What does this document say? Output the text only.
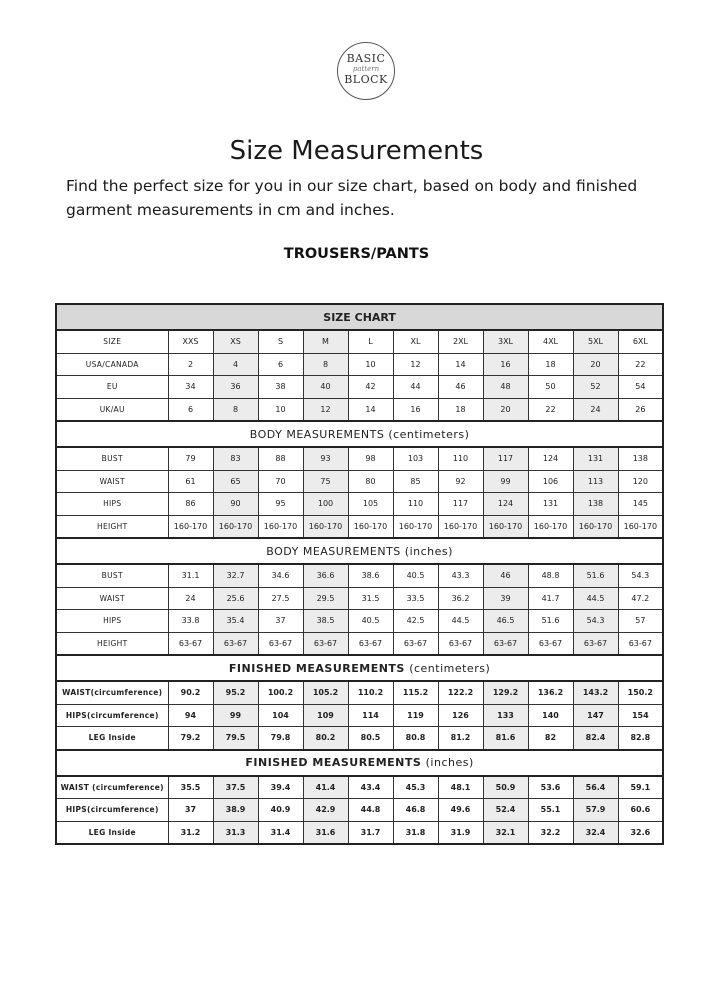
BASIC
pattern
BLOCK
Size Measurements

Find the perfect size for you in our size chart, based on body and finished garment measurements in cm and inches.

TROUSERS/PANTS
SIZE CHART											
SIZE	XXS	XS	S	M	L	XL	2XL	3XL	4XL	5XL	6XL
USA/CANADA	2	4	6	8	10	12	14	16	18	20	22
EU	34	36	38	40	42	44	46	48	50	52	54
UK/AU	6	8	10	12	14	16	18	20	22	24	26
BODY MEASUREMENTS (centimeters)											
BUST	79	83	88	93	98	103	110	117	124	131	138
WAIST	61	65	70	75	80	85	92	99	106	113	120
HIPS	86	90	95	100	105	110	117	124	131	138	145
HEIGHT	160-170	160-170	160-170	160-170	160-170	160-170	160-170	160-170	160-170	160-170	160-170
BODY MEASUREMENTS (inches)											
BUST	31.1	32.7	34.6	36.6	38.6	40.5	43.3	46	48.8	51.6	54.3
WAIST	24	25.6	27.5	29.5	31.5	33.5	36.2	39	41.7	44.5	47.2
HIPS	33.8	35.4	37	38.5	40.5	42.5	44.5	46.5	51.6	54.3	57
HEIGHT	63-67	63-67	63-67	63-67	63-67	63-67	63-67	63-67	63-67	63-67	63-67
FINISHED MEASUREMENTS (centimeters)											
WAIST(circumference)	90.2	95.2	100.2	105.2	110.2	115.2	122.2	129.2	136.2	143.2	150.2
HIPS(circumference)	94	99	104	109	114	119	126	133	140	147	154
LEG Inside	79.2	79.5	79.8	80.2	80.5	80.8	81.2	81.6	82	82.4	82.8
FINISHED MEASUREMENTS (inches)											
WAIST (circumference)	35.5	37.5	39.4	41.4	43.4	45.3	48.1	50.9	53.6	56.4	59.1
HIPS(circumference)	37	38.9	40.9	42.9	44.8	46.8	49.6	52.4	55.1	57.9	60.6
LEG Inside	31.2	31.3	31.4	31.6	31.7	31.8	31.9	32.1	32.2	32.4	32.6
